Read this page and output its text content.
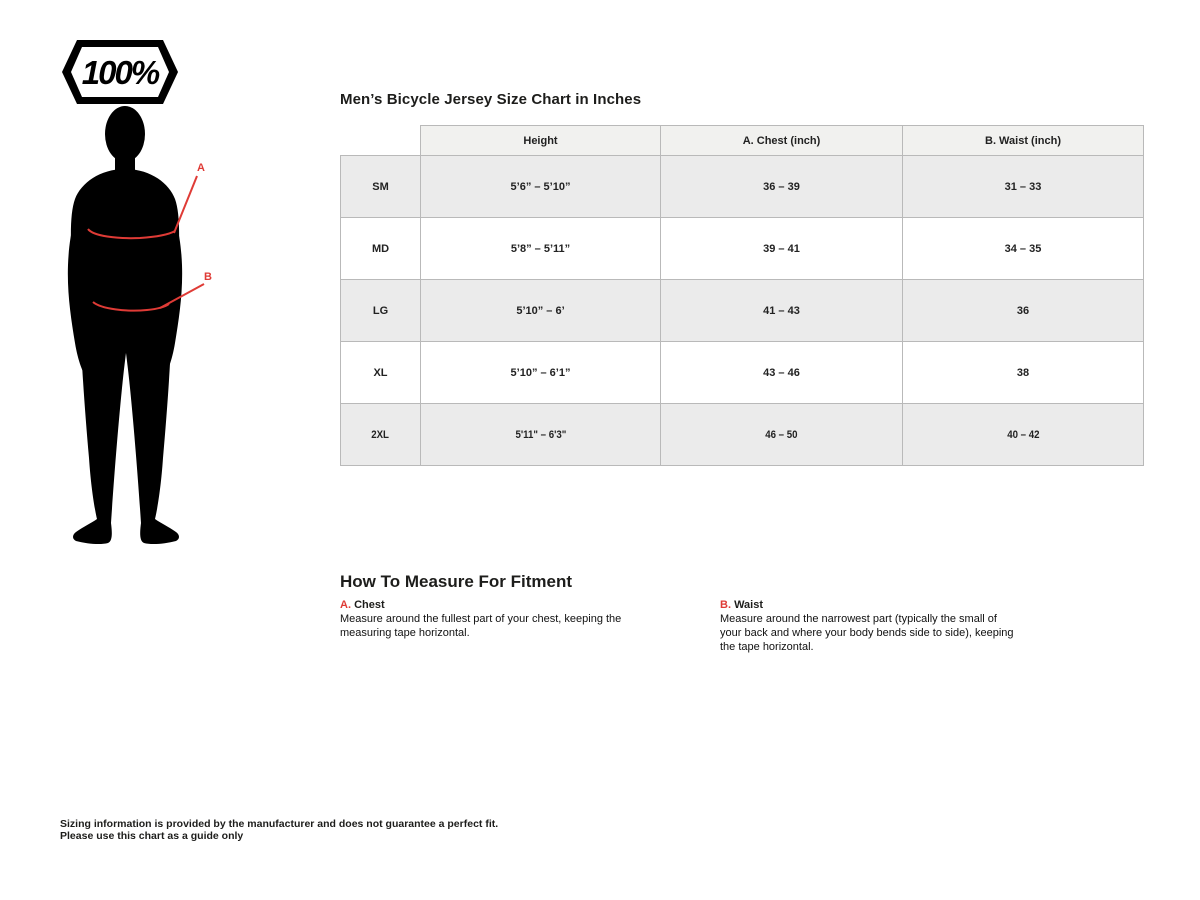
100%
A
B
Men’s Bicycle Jersey Size Chart in Inches
	Height	A. Chest (inch)	B. Waist (inch)
SM	5’6” – 5’10”	36 – 39	31 – 33
MD	5’8” – 5’11”	39 – 41	34 – 35
LG	5’10” – 6’	41 – 43	36
XL	5’10” – 6’1”	43 – 46	38
2XL	5'11" – 6'3"	46 – 50	40 – 42
How To Measure For Fitment
A. Chest
Measure around the fullest part of your chest, keeping the measuring tape horizontal.
B. Waist
Measure around the narrowest part (typically the small of your back and where your body bends side to side), keeping the tape horizontal.
Sizing information is provided by the manufacturer and does not guarantee a perfect fit.
Please use this chart as a guide only
